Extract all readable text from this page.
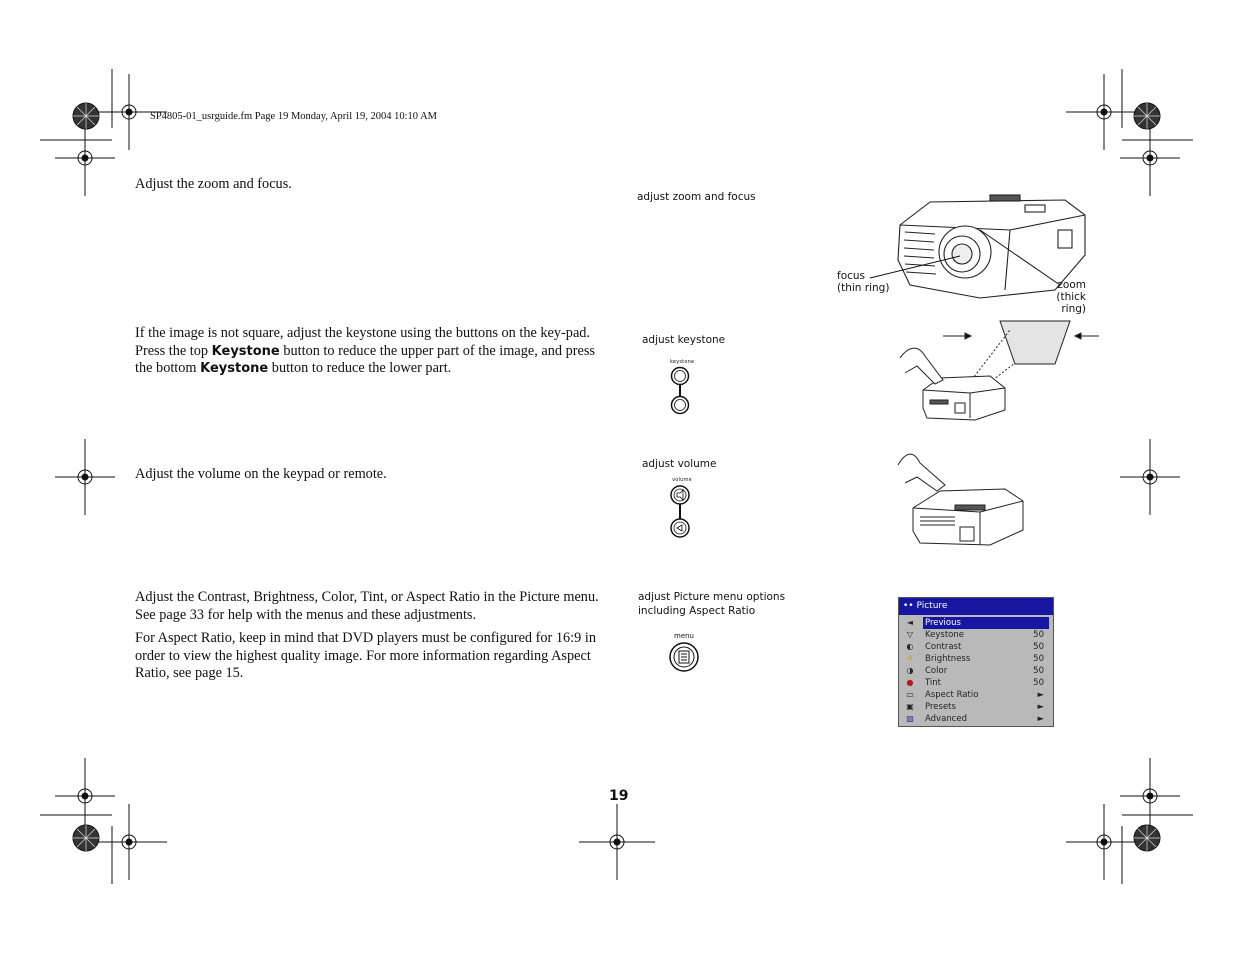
SP4805-01_usrguide.fm Page 19 Monday, April 19, 2004 10:10 AM

Adjust the zoom and focus.

adjust zoom and focus
focus
(thin ring)	zoom
(thick ring)

If the image is not square, adjust the keystone using the buttons on the key-pad. Press the top Keystone button to reduce the upper part of the image, and press the bottom Keystone button to reduce the lower part.

adjust keystone
keystone

Adjust the volume on the keypad or remote.

adjust volume
volume

Adjust the Contrast, Brightness, Color, Tint, or Aspect Ratio in the Picture menu. See page 33 for help with the menus and these adjustments.

For Aspect Ratio, keep in mind that DVD players must be configured for 16:9 in order to view the highest quality image. For more information regarding Aspect Ratio, see page 15.

adjust Picture menu options
including Aspect Ratio
menu
•• Picture
◄ Previous
▽ Keystone	50
◐ Contrast	50
☼ Brightness	50
◑ Color	50
● Tint	50
▭ Aspect Ratio	►
▣ Presets	►
▨ Advanced	►
19
